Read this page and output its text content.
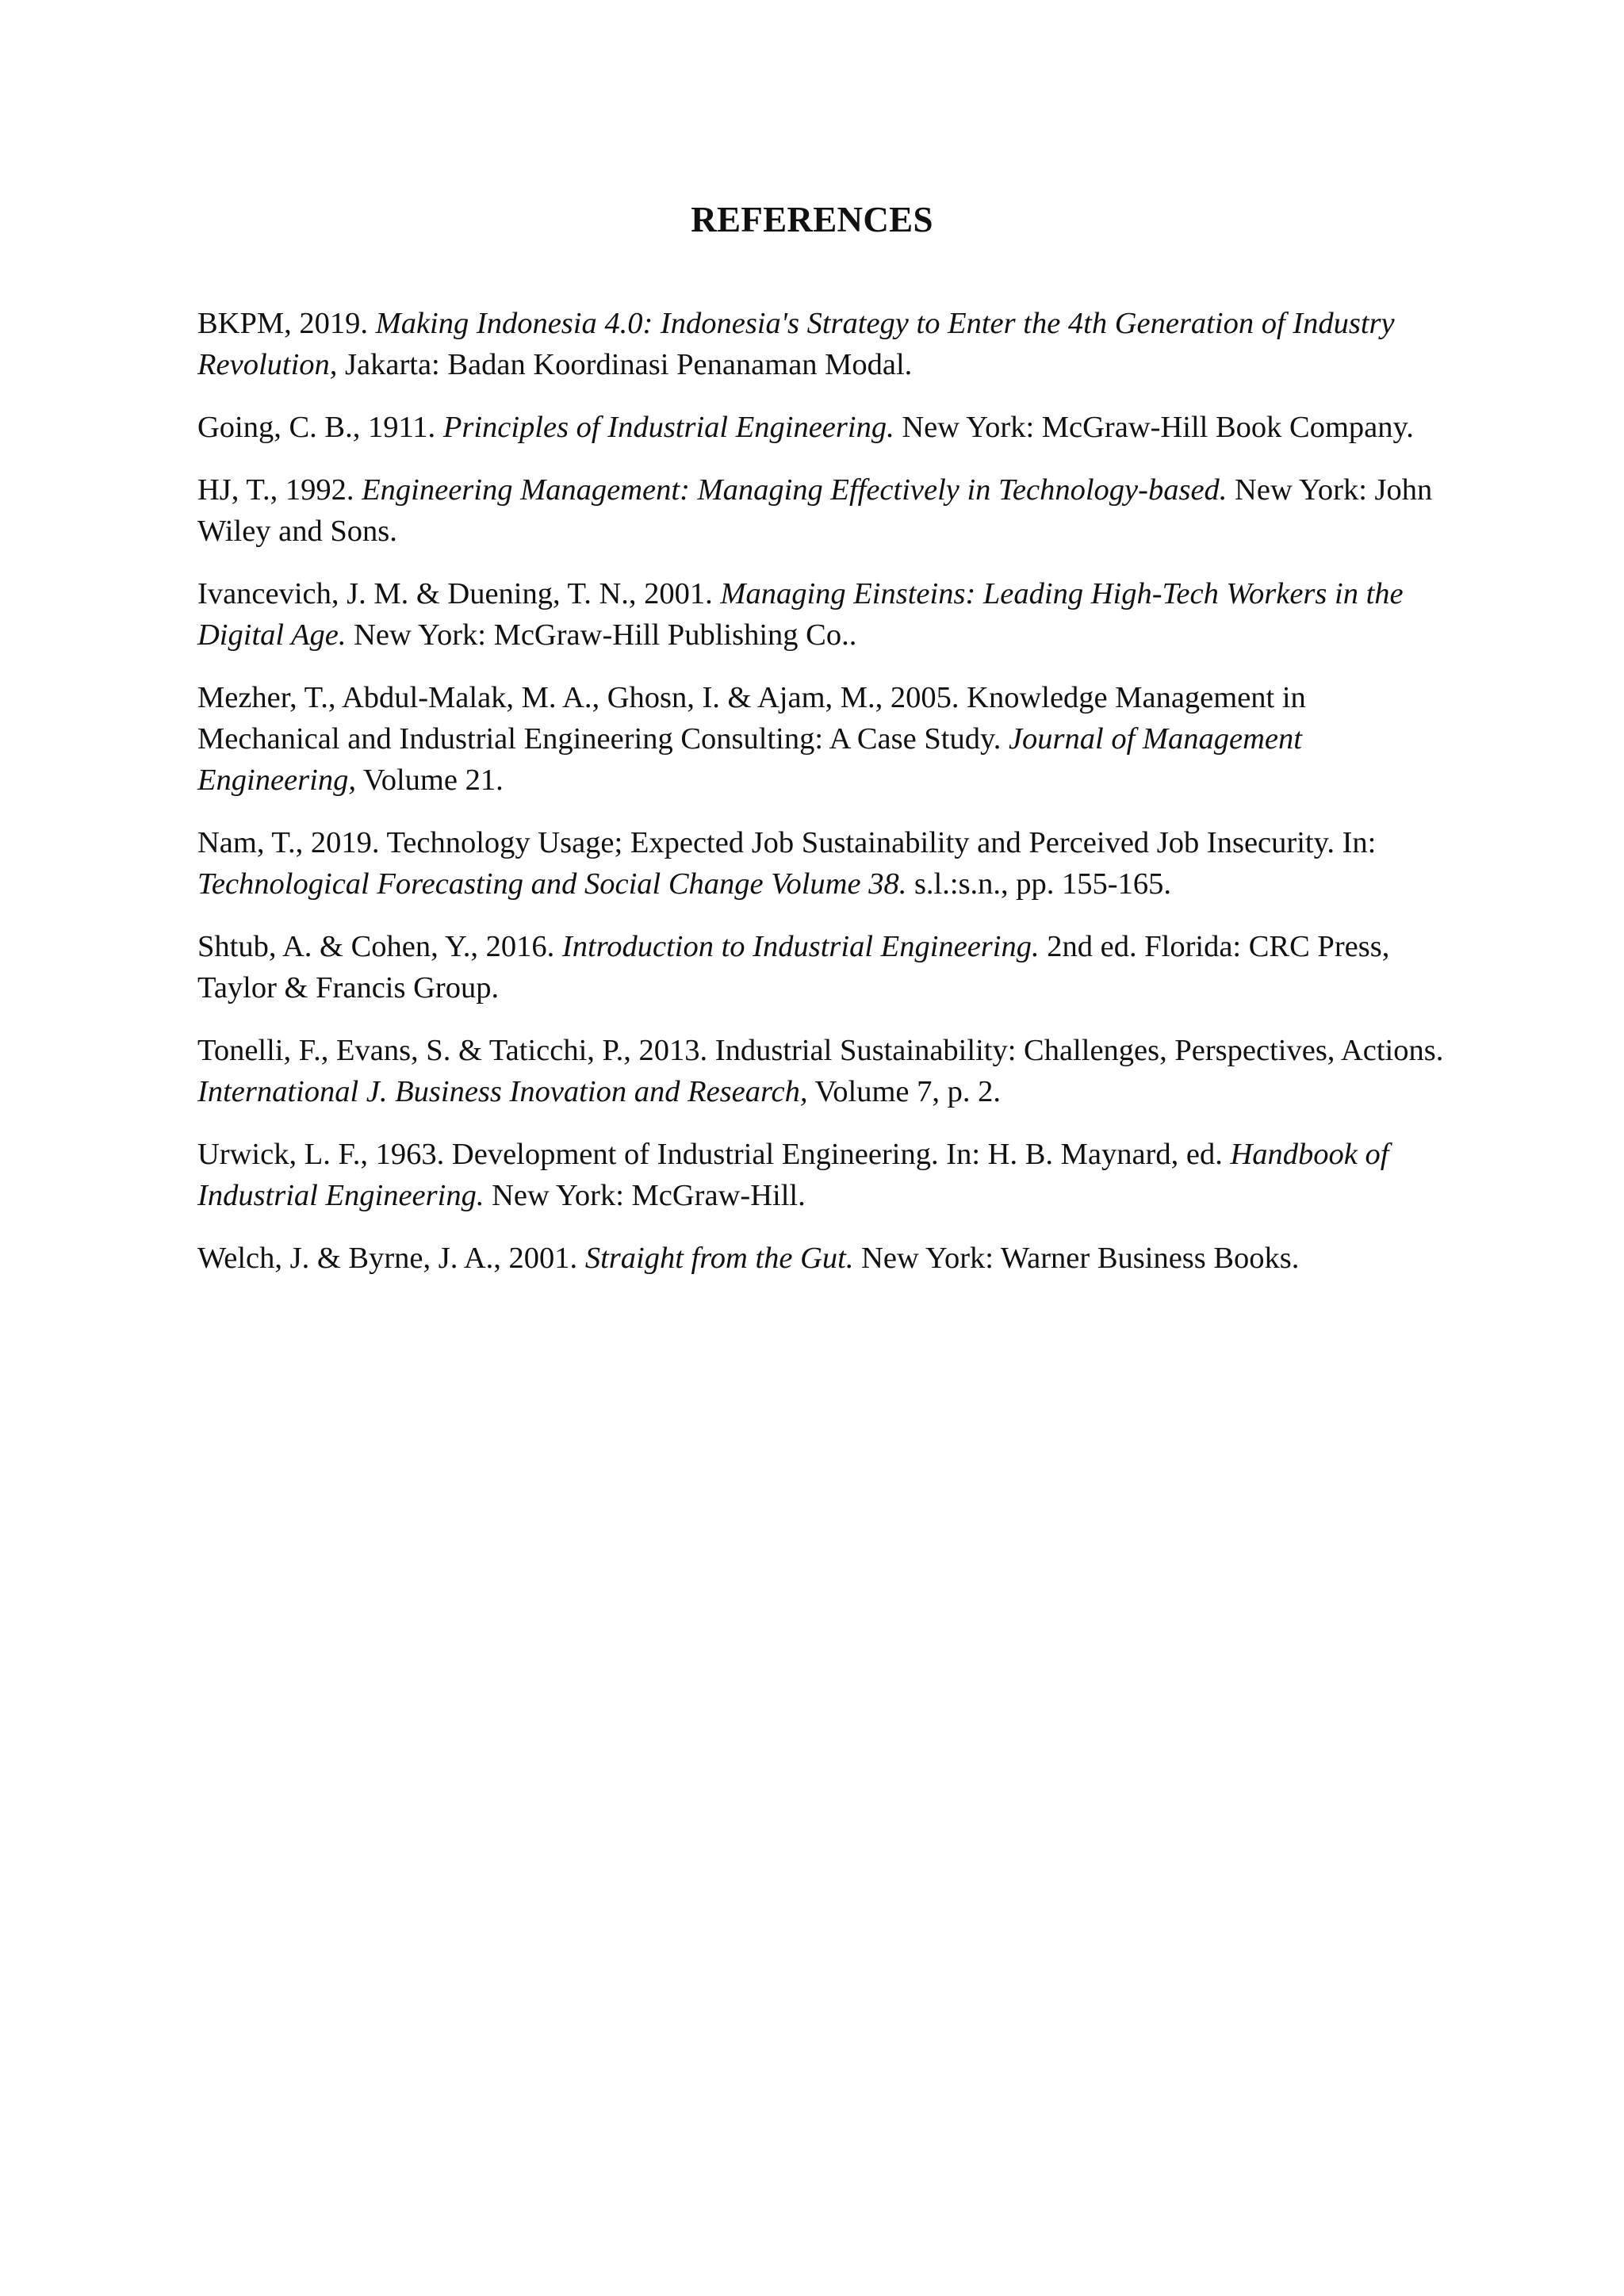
REFERENCES
BKPM, 2019. Making Indonesia 4.0: Indonesia's Strategy to Enter the 4th Generation of Industry Revolution, Jakarta: Badan Koordinasi Penanaman Modal.
Going, C. B., 1911. Principles of Industrial Engineering. New York: McGraw-Hill Book Company.
HJ, T., 1992. Engineering Management: Managing Effectively in Technology-based. New York: John Wiley and Sons.
Ivancevich, J. M. & Duening, T. N., 2001. Managing Einsteins: Leading High-Tech Workers in the Digital Age. New York: McGraw-Hill Publishing Co..
Mezher, T., Abdul-Malak, M. A., Ghosn, I. & Ajam, M., 2005. Knowledge Management in Mechanical and Industrial Engineering Consulting: A Case Study. Journal of Management Engineering, Volume 21.
Nam, T., 2019. Technology Usage; Expected Job Sustainability and Perceived Job Insecurity. In: Technological Forecasting and Social Change Volume 38. s.l.:s.n., pp. 155-165.
Shtub, A. & Cohen, Y., 2016. Introduction to Industrial Engineering. 2nd ed. Florida: CRC Press, Taylor & Francis Group.
Tonelli, F., Evans, S. & Taticchi, P., 2013. Industrial Sustainability: Challenges, Perspectives, Actions. International J. Business Inovation and Research, Volume 7, p. 2.
Urwick, L. F., 1963. Development of Industrial Engineering. In: H. B. Maynard, ed. Handbook of Industrial Engineering. New York: McGraw-Hill.
Welch, J. & Byrne, J. A., 2001. Straight from the Gut. New York: Warner Business Books.
